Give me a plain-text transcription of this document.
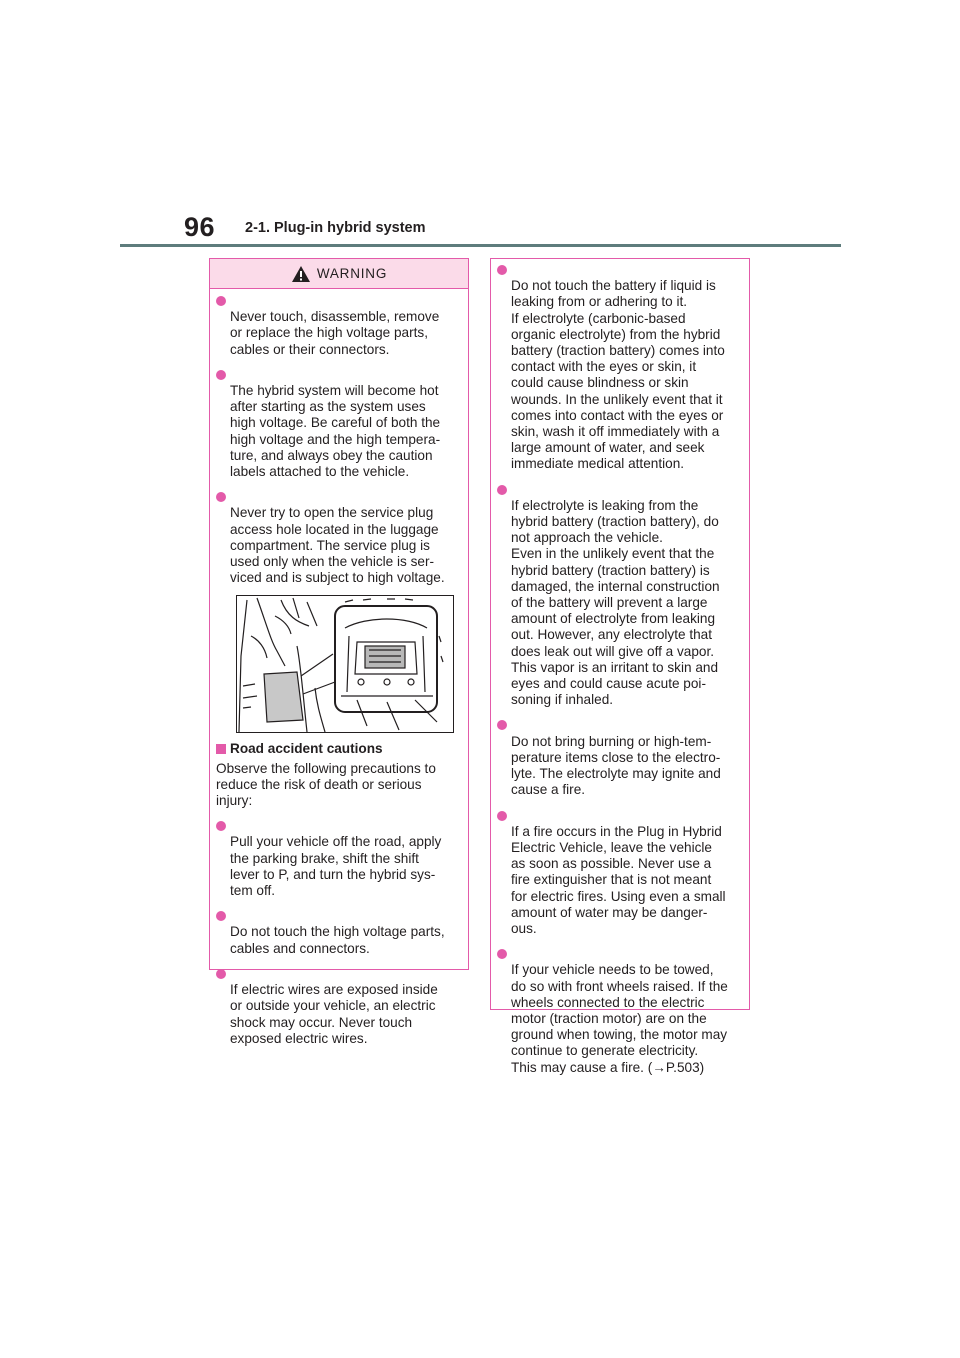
96 2-1. Plug-in hybrid system
WARNING

Never touch, disassemble, remove
or replace the high voltage parts,
cables or their connectors.

The hybrid system will become hot
after starting as the system uses
high voltage. Be careful of both the
high voltage and the high tempera-
ture, and always obey the caution
labels attached to the vehicle.

Never try to open the service plug
access hole located in the luggage
compartment. The service plug is
used only when the vehicle is ser-
viced and is subject to high voltage.

Road accident cautions
Observe the following precautions to
reduce the risk of death or serious
injury:

Pull your vehicle off the road, apply
the parking brake, shift the shift
lever to P, and turn the hybrid sys-
tem off.

Do not touch the high voltage parts,
cables and connectors.

If electric wires are exposed inside
or outside your vehicle, an electric
shock may occur. Never touch
exposed electric wires.

Do not touch the battery if liquid is
leaking from or adhering to it.
If electrolyte (carbonic-based
organic electrolyte) from the hybrid
battery (traction battery) comes into
contact with the eyes or skin, it
could cause blindness or skin
wounds. In the unlikely event that it
comes into contact with the eyes or
skin, wash it off immediately with a
large amount of water, and seek
immediate medical attention.

If electrolyte is leaking from the
hybrid battery (traction battery), do
not approach the vehicle.
Even in the unlikely event that the
hybrid battery (traction battery) is
damaged, the internal construction
of the battery will prevent a large
amount of electrolyte from leaking
out. However, any electrolyte that
does leak out will give off a vapor.
This vapor is an irritant to skin and
eyes and could cause acute poi-
soning if inhaled.

Do not bring burning or high-tem-
perature items close to the electro-
lyte. The electrolyte may ignite and
cause a fire.

If a fire occurs in the Plug in Hybrid
Electric Vehicle, leave the vehicle
as soon as possible. Never use a
fire extinguisher that is not meant
for electric fires. Using even a small
amount of water may be danger-
ous.

If your vehicle needs to be towed,
do so with front wheels raised. If the
wheels connected to the electric
motor (traction motor) are on the
ground when towing, the motor may
continue to generate electricity.
This may cause a fire. (→P.503)
